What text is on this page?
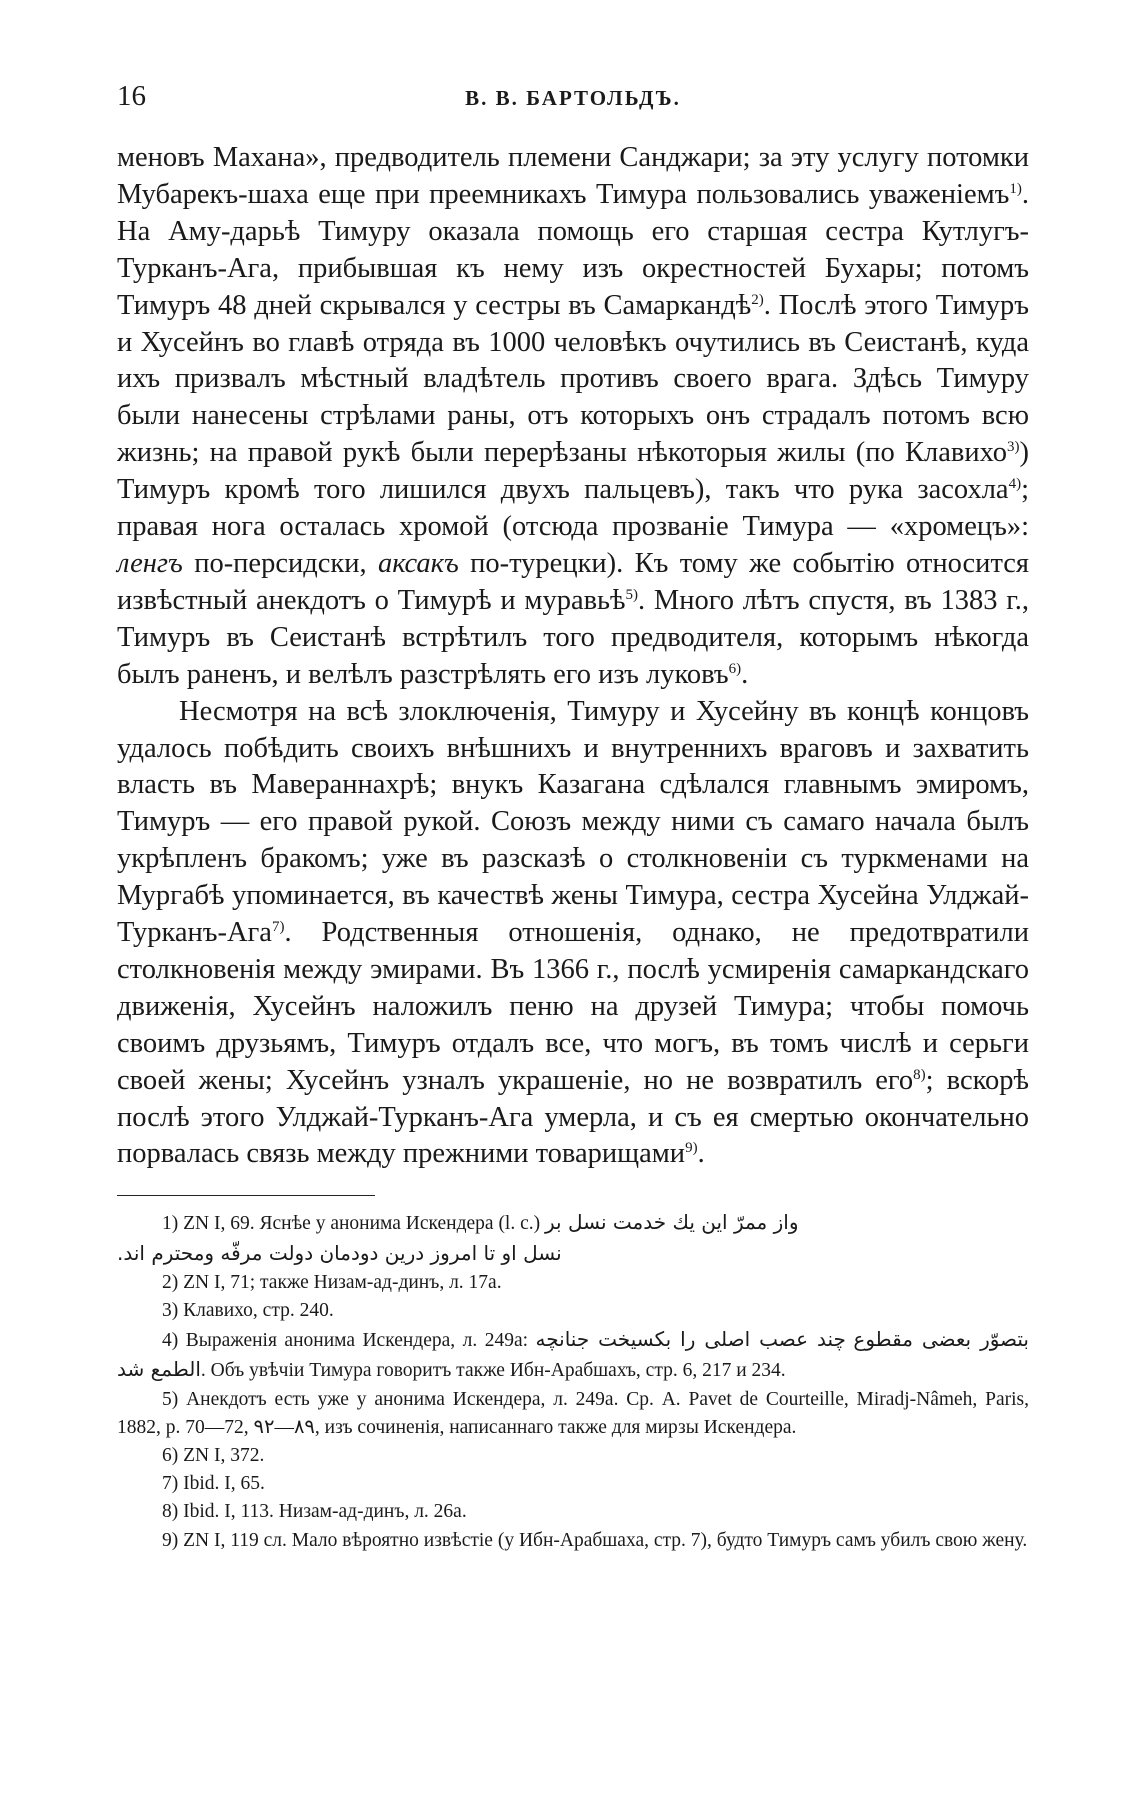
16	В. В. БАРТОЛЬДЪ.

меновъ Махана», предводитель племени Санджари; за эту услугу потомки Мубарекъ-шаха еще при преемникахъ Тимура пользовались уваженіемъ$^{1)}$. На Аму-дарьѣ Тимуру оказала помощь его старшая сестра Кутлугъ-Турканъ-Ага, прибывшая къ нему изъ окрестностей Бухары; потомъ Тимуръ 48 дней скрывался у сестры въ Самаркандѣ$^{2)}$. Послѣ этого Тимуръ и Хусейнъ во главѣ отряда въ 1000 человѣкъ очутились въ Сеистанѣ, куда ихъ призвалъ мѣстный владѣтель противъ своего врага. Здѣсь Тимуру были нанесены стрѣлами раны, отъ которыхъ онъ страдалъ потомъ всю жизнь; на правой рукѣ были перерѣзаны нѣкоторыя жилы (по Клавихо$^{3)}$) Тимуръ кромѣ того лишился двухъ пальцевъ), такъ что рука засохла$^{4)}$; правая нога осталась хромой (отсюда прозваніе Тимура — «хромецъ»: ленгъ по-персидски, аксакъ по-турецки). Къ тому же событію относится извѣстный анекдотъ о Тимурѣ и муравьѣ$^{5)}$. Много лѣтъ спустя, въ 1383 г., Тимуръ въ Сеистанѣ встрѣтилъ того предводителя, которымъ нѣкогда былъ раненъ, и велѣлъ разстрѣлять его изъ луковъ$^{6)}$.

Несмотря на всѣ злоключенія, Тимуру и Хусейну въ концѣ концовъ удалось побѣдить своихъ внѣшнихъ и внутреннихъ враговъ и захватить власть въ Мавераннахрѣ; внукъ Казагана сдѣлался главнымъ эмиромъ, Тимуръ — его правой рукой. Союзъ между ними съ самаго начала былъ укрѣпленъ бракомъ; уже въ разсказѣ о столкновеніи съ туркменами на Мургабѣ упоминается, въ качествѣ жены Тимура, сестра Хусейна Улджай-Турканъ-Ага$^{7)}$. Родственныя отношенія, однако, не предотвратили столкновенія между эмирами. Въ 1366 г., послѣ усмиренія самаркандскаго движенія, Хусейнъ наложилъ пеню на друзей Тимура; чтобы помочь своимъ друзьямъ, Тимуръ отдалъ все, что могъ, въ томъ числѣ и серьги своей жены; Хусейнъ узналъ украшеніе, но не возвратилъ его$^{8)}$; вскорѣ послѣ этого Улджай-Турканъ-Ага умерла, и съ ея смертью окончательно порвалась связь между прежними товарищами$^{9)}$.

1) ZN I, 69. Яснѣе у анонима Искендера (l. c.) واز ممرّ اين يك خدمت نسل بر
نسل او تا امروز درين دودمان دولت مرفّه ومحترم اند.

2) ZN I, 71; также Низам-ад-динъ, л. 17a.

3) Клавихо, стр. 240.

4) Выраженія анонима Искендера, л. 249a: چند عصب اصلى را بكسيخت جنانچه بتصوّر بعضى مقطوع الطمع شد. Объ увѣчіи Тимура говоритъ также Ибн-Арабшахъ, стр. 6, 217 и 234.

5) Анекдотъ есть уже у анонима Искендера, л. 249a. Ср. A. Pavet de Courteille, Miradj-Nâmeh, Paris, 1882, p. 70—72, ٨٩—٩٢, изъ сочиненія, написаннаго также для мирзы Искендера.

6) ZN I, 372.

7) Ibid. I, 65.

8) Ibid. I, 113. Низам-ад-динъ, л. 26a.

9) ZN I, 119 сл. Мало вѣроятно извѣстіе (у Ибн-Арабшаха, стр. 7), будто Тимуръ самъ убилъ свою жену.
